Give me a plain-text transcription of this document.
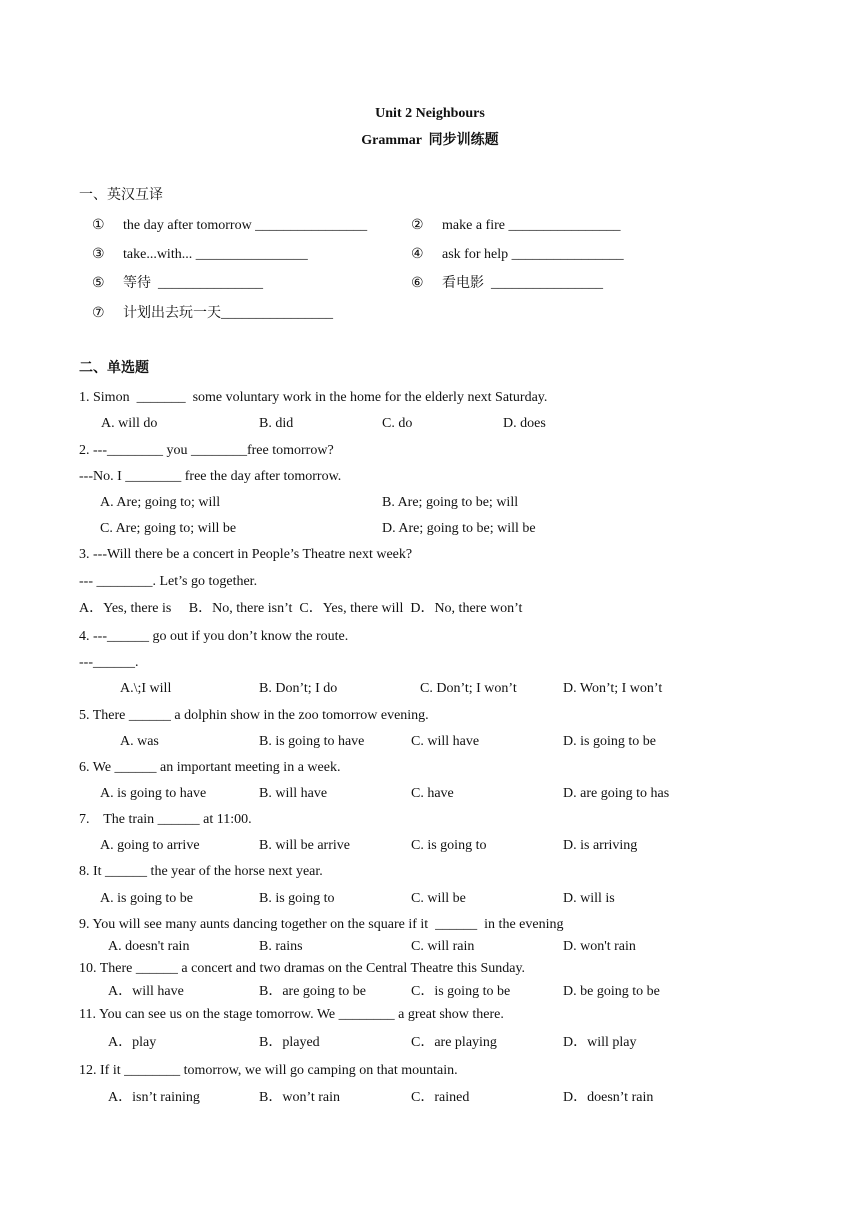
Unit 2 Neighbours
Grammar  同步训练题
一、英汉互译
① the day after tomorrow ________________	② make a fire ________________
③ take...with... ________________	④ ask for help ________________
⑤ 等待  _______________	⑥ 看电影  ________________
⑦ 计划出去玩一天________________
二、单选题
1. Simon  _______  some voluntary work in the home for the elderly next Saturday.
A. will do	B. did	C. do	D. does
2. ---________ you ________free tomorrow?
---No. I ________ free the day after tomorrow.
A. Are; going to; will	B. Are; going to be; will
C. Are; going to; will be	D. Are; going to be; will be
3. ---Will there be a concert in People’s Theatre next week?
--- ________. Let’s go together.
A．Yes, there is     B．No, there isn’t  C．Yes, there will  D．No, there won’t
4. ---______ go out if you don’t know the route.
---______.
A.\;I will	B. Don’t; I do	C. Don’t; I won’t	D. Won’t; I won’t
5. There ______ a dolphin show in the zoo tomorrow evening.
A. was	B. is going to have	C. will have	D. is going to be
6. We ______ an important meeting in a week.
A. is going to have	B. will have	C. have	D. are going to has
7.    The train ______ at 11:00.
A. going to arrive	B. will be arrive	C. is going to	D. is arriving
8. It ______ the year of the horse next year.
A. is going to be	B. is going to	C. will be	D. will is
9. You will see many aunts dancing together on the square if it  ______  in the evening
A. doesn't rain	B. rains	C. will rain	D. won't rain
10. There ______ a concert and two dramas on the Central Theatre this Sunday.
A．will have	B．are going to be	C．is going to be	D. be going to be
11. You can see us on the stage tomorrow. We ________ a great show there.
A．play	B．played	C．are playing	D．will play
12. If it ________ tomorrow, we will go camping on that mountain.
A．isn’t raining	B．won’t rain	C．rained	D．doesn’t rain
